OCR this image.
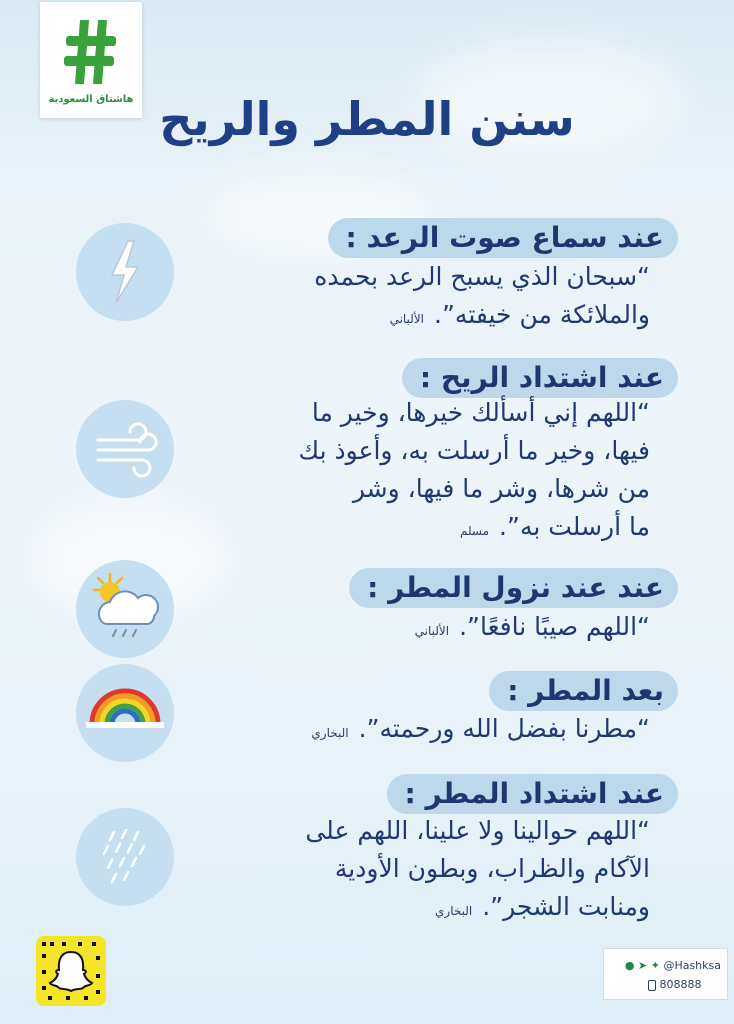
هاشتاق السعودية سنن المطر والريح
عند سماع صوت الرعد :
“سبحان الذي يسبح الرعد بحمده
والملائكة من خيفته”.الألباني
عند اشتداد الريح :
“اللهم إني أسألك خيرها، وخير ما
فيها، وخير ما أرسلت به، وأعوذ بك
من شرها، وشر ما فيها، وشر
ما أرسلت به”.مسلم
عند عند نزول المطر :
“اللهم صيبًا نافعًا”.الألباني
بعد المطر :
“مطرنا بفضل الله ورحمته”.البخاري
عند اشتداد المطر :
“اللهم حوالينا ولا علينا، اللهم على
الآكام والظراب، وبطون الأودية
ومنابت الشجر”.البخاري
● ➤ ✦ @Hashksa
808888
